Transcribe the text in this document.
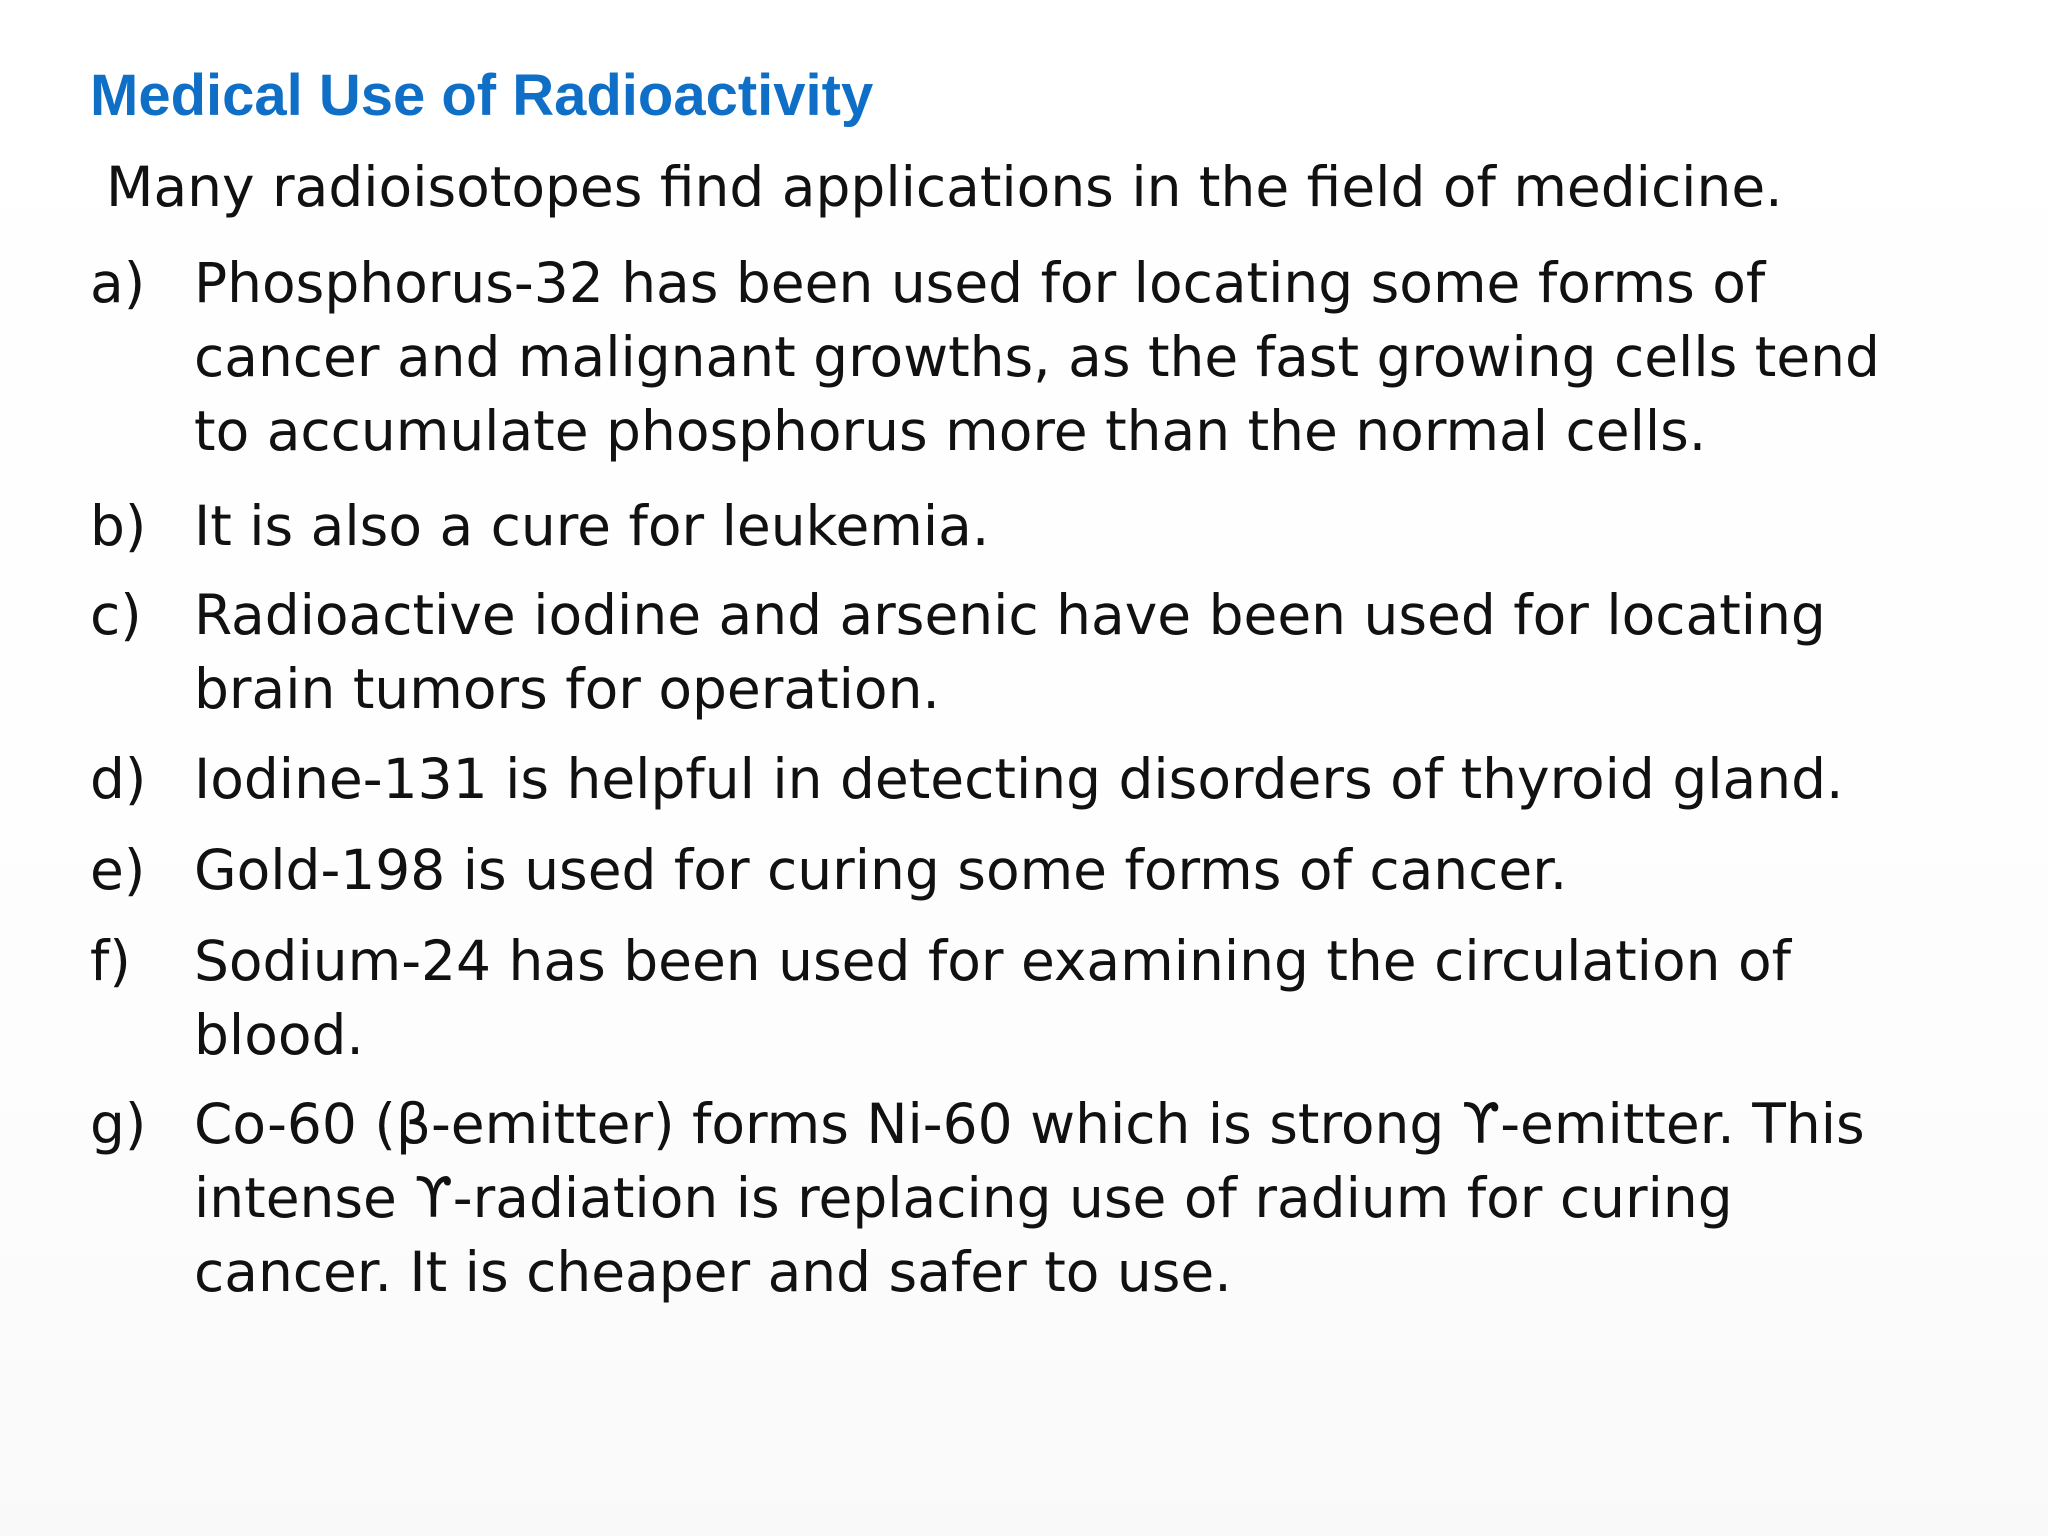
Medical Use of Radioactivity

Many radioisotopes find applications in the field of medicine.

a) Phosphorus-32 has been used for locating some forms of
cancer and malignant growths, as the fast growing cells tend
to accumulate phosphorus more than the normal cells.
b) It is also a cure for leukemia.
c) Radioactive iodine and arsenic have been used for locating
brain tumors for operation.
d) Iodine-131 is helpful in detecting disorders of thyroid gland.
e) Gold-198 is used for curing some forms of cancer.
f) Sodium-24 has been used for examining the circulation of
blood.
g) Co-60 (β-emitter) forms Ni-60 which is strong ϒ-emitter. This
intense ϒ-radiation is replacing use of radium for curing
cancer. It is cheaper and safer to use.
